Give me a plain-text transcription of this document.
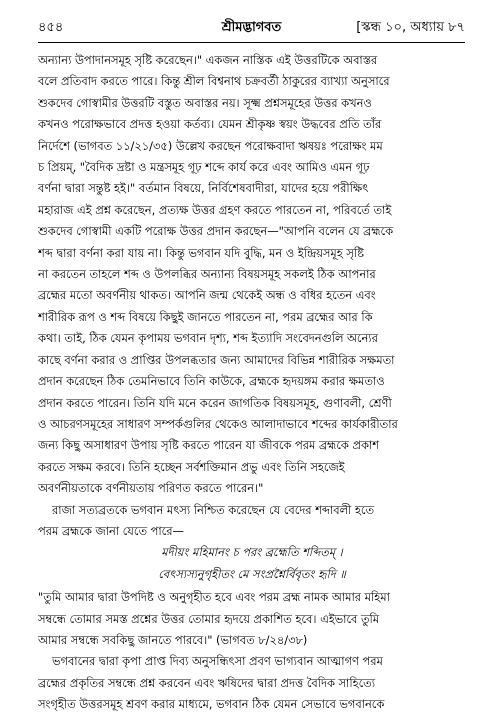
৪৫৪	শ্রীমদ্ভাগবত	[স্কন্ধ ১০, অধ্যায় ৮৭
অন্যান্য উপাদানসমূহ সৃষ্টি করেছেন।" একজন নাস্তিক এই উত্তরটিকে অবাস্তর
বলে প্রতিবাদ করতে পারে। কিন্তু শ্রীল বিশ্বনাথ চক্রবর্তী ঠাকুরের ব্যাখ্যা অনুসারে
শুকদেব গোস্বামীর উত্তরটি বস্তুত অবাস্তর নয়। সূক্ষ্ম প্রশ্নসমূহের উত্তর কখনও
কখনও পরোক্ষভাবে প্রদত্ত হওয়া কর্তব্য। যেমন শ্রীকৃষ্ণ স্বয়ং উদ্ধবের প্রতি তাঁর
নির্দেশে (ভাগবত ১১/২১/৩৫) উল্লেখ করছেন পরোক্ষবাদা ঋষয়ঃ পরোক্ষং মম
চ প্রিয়ম্, "বৈদিক দ্রষ্টা ও মন্ত্রসমূহ গূঢ় শব্দে কার্য করে এবং আমিও এমন গূঢ়
বর্ণনা দ্বারা সন্তুষ্ট হই।" বর্তমান বিষয়ে, নির্বিশেষবাদীরা, যাদের হয়ে পরীক্ষিৎ
মহারাজ এই প্রশ্ন করেছেন, প্রত্যক্ষ উত্তর গ্রহণ করতে পারতেন না, পরিবর্তে তাই
শুকদেব গোস্বামী একটি পরোক্ষ উত্তর প্রদান করছেন—"আপনি বলেন যে ব্রহ্মকে
শব্দ দ্বারা বর্ণনা করা যায় না। কিন্তু ভগবান যদি বুদ্ধি, মন ও ইন্দ্রিয়সমূহ সৃষ্টি
না করতেন তাহলে শব্দ ও উপলব্ধির অন্যান্য বিষয়সমূহ সকলই ঠিক আপনার
ব্রহ্মের মতো অবর্ণনীয় থাকত। আপনি জন্ম থেকেই অন্ধ ও বধির হতেন এবং
শারীরিক রূপ ও শব্দ বিষয়ে কিছুই জানতে পারতেন না, পরম ব্রহ্মের আর কি
কথা। তাই, ঠিক যেমন কৃপাময় ভগবান দৃশ্য, শব্দ ইত্যাদি সংবেদনগুলি অন্যের
কাছে বর্ণনা করার ও প্রাপ্তির উপলব্ধতার জন্য আমাদের বিভিন্ন শারীরিক সক্ষমতা
প্রদান করেছেন ঠিক তেমনিভাবে তিনি কাউকে, ব্রহ্মকে হৃদয়ঙ্গম করার ক্ষমতাও
প্রদান করতে পারেন। তিনি যদি মনে করেন জাগতিক বিষয়সমূহ, গুণাবলী, শ্রেণী
ও আচরণসমূহের সাধারণ সম্পর্কগুলির থেকেও আলাদাভাবে শব্দের কার্যকারীতার
জন্য কিছু অসাধারণ উপায় সৃষ্টি করতে পারেন যা জীবকে পরম ব্রহ্মকে প্রকাশ
করতে সক্ষম করবে। তিনি হচ্ছেন সর্বশক্তিমান প্রভু এবং তিনি সহজেই
অবর্ণনীয়তাকে বর্ণনীয়তায় পরিণত করতে পারেন।"
রাজা সত্যব্রতকে ভগবান মৎস্য নিশ্চিত করেছেন যে বেদের শব্দাবলী হতে
পরম ব্রহ্মকে জানা যেতে পারে—
মদীয়ং মহিমানং চ পরং ব্রহ্মেতি শব্দিতম্ ।
বেৎস্যস্যনুগৃহীতং মে সংপ্রশ্নৈর্বিবৃতং হৃদি ॥
"তুমি আমার দ্বারা উপদিষ্ট ও অনুগৃহীত হবে এবং পরম ব্রহ্ম নামক আমার মহিমা
সম্বন্ধে তোমার সমস্ত প্রশ্নের উত্তর তোমার হৃদয়ে প্রকাশিত হবে। এইভাবে তুমি
আমার সম্বন্ধে সবকিছু জানতে পারবে।" (ভাগবত ৮/২৪/৩৮)
ভগবানের দ্বারা কৃপা প্রাপ্ত দিব্য অনুসন্ধিৎসা প্রবণ ভাগ্যবান আত্মাগণ পরম
ব্রহ্মের প্রকৃতির সম্বন্ধে প্রশ্ন করবেন এবং ঋষিদের দ্বারা প্রদত্ত বৈদিক সাহিত্যে
সংগৃহীত উত্তরসমূহ শ্রবণ করার মাধ্যমে, ভগবান ঠিক যেমন সেভাবে ভগবানকে
